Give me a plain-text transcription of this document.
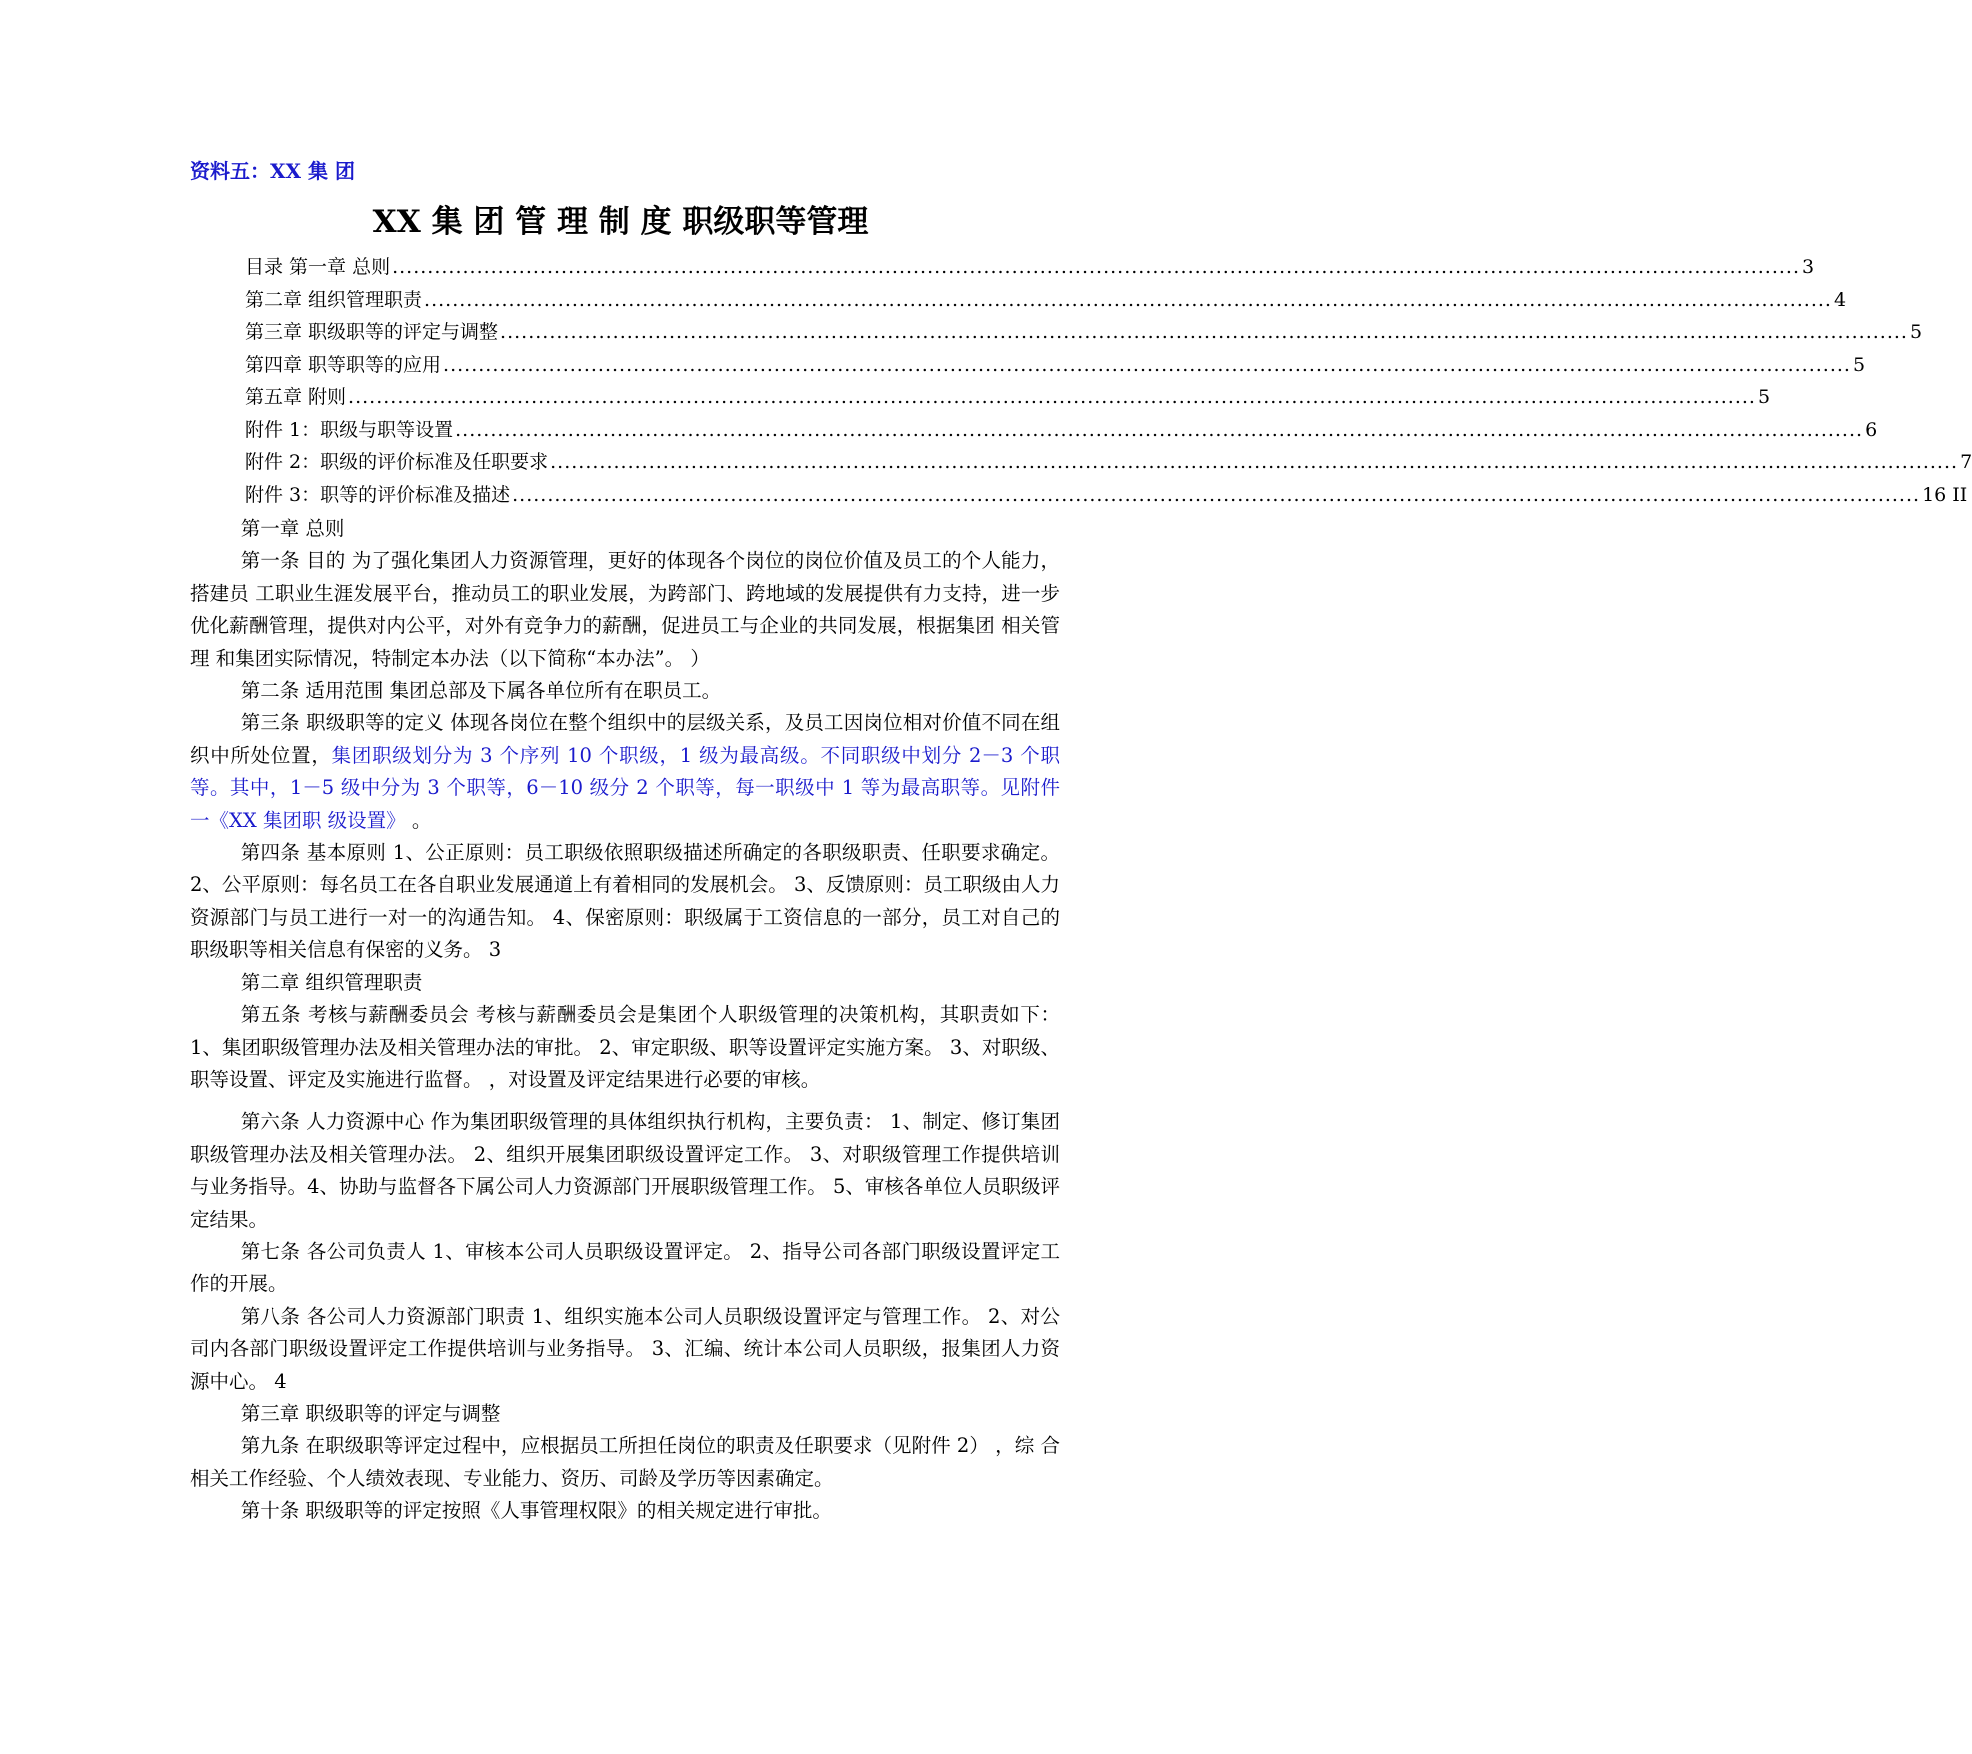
资料五：XX 集 团
XX 集 团 管 理 制 度 职级职等管理
目录 第一章 总则 ........................................................................................................................................................................................................ 3
第二章 组织管理职责 ........................................................................................................................................................................................................ 4
第三章 职级职等的评定与调整 ........................................................................................................................................................................................................ 5
第四章 职等职等的应用 ........................................................................................................................................................................................................ 5
第五章 附则 ........................................................................................................................................................................................................ 5
附件 1：职级与职等设置 ........................................................................................................................................................................................................ 6
附件 2：职级的评价标准及任职要求 ........................................................................................................................................................................................................ 7
附件 3：职等的评价标准及描述 ........................................................................................................................................................................................................ 16 II

第一章 总则

第一条 目的 为了强化集团人力资源管理，更好的体现各个岗位的岗位价值及员工的个人能力，搭建员 工职业生涯发展平台，推动员工的职业发展，为跨部门、跨地域的发展提供有力支持，进一步 优化薪酬管理，提供对内公平，对外有竞争力的薪酬，促进员工与企业的共同发展，根据集团 相关管理 和集团实际情况，特制定本办法（以下简称“本办法”。 ）

第二条 适用范围 集团总部及下属各单位所有在职员工。

第三条 职级职等的定义 体现各岗位在整个组织中的层级关系，及员工因岗位相对价值不同在组织中所处位置，集团职级划分为 3 个序列 10 个职级，1 级为最高级。不同职级中划分 2－3 个职等。其中，1－5 级中分为 3 个职等，6－10 级分 2 个职等，每一职级中 1 等为最高职等。见附件一《XX 集团职 级设置》 。

第四条 基本原则 1、公正原则：员工职级依照职级描述所确定的各职级职责、任职要求确定。 2、公平原则：每名员工在各自职业发展通道上有着相同的发展机会。 3、反馈原则：员工职级由人力资源部门与员工进行一对一的沟通告知。 4、保密原则：职级属于工资信息的一部分，员工对自己的职级职等相关信息有保密的义务。 3

第二章 组织管理职责

第五条 考核与薪酬委员会 考核与薪酬委员会是集团个人职级管理的决策机构，其职责如下： 1、集团职级管理办法及相关管理办法的审批。 2、审定职级、职等设置评定实施方案。 3、对职级、职等设置、评定及实施进行监督。 ，对设置及评定结果进行必要的审核。

第六条 人力资源中心 作为集团职级管理的具体组织执行机构，主要负责： 1、制定、修订集团职级管理办法及相关管理办法。 2、组织开展集团职级设置评定工作。 3、对职级管理工作提供培训与业务指导。4、协助与监督各下属公司人力资源部门开展职级管理工作。 5、审核各单位人员职级评定结果。

第七条 各公司负责人 1、审核本公司人员职级设置评定。 2、指导公司各部门职级设置评定工作的开展。

第八条 各公司人力资源部门职责 1、组织实施本公司人员职级设置评定与管理工作。 2、对公司内各部门职级设置评定工作提供培训与业务指导。 3、汇编、统计本公司人员职级，报集团人力资源中心。 4

第三章 职级职等的评定与调整

第九条 在职级职等评定过程中，应根据员工所担任岗位的职责及任职要求（见附件 2） ，综 合相关工作经验、个人绩效表现、专业能力、资历、司龄及学历等因素确定。

第十条 职级职等的评定按照《人事管理权限》的相关规定进行审批。
